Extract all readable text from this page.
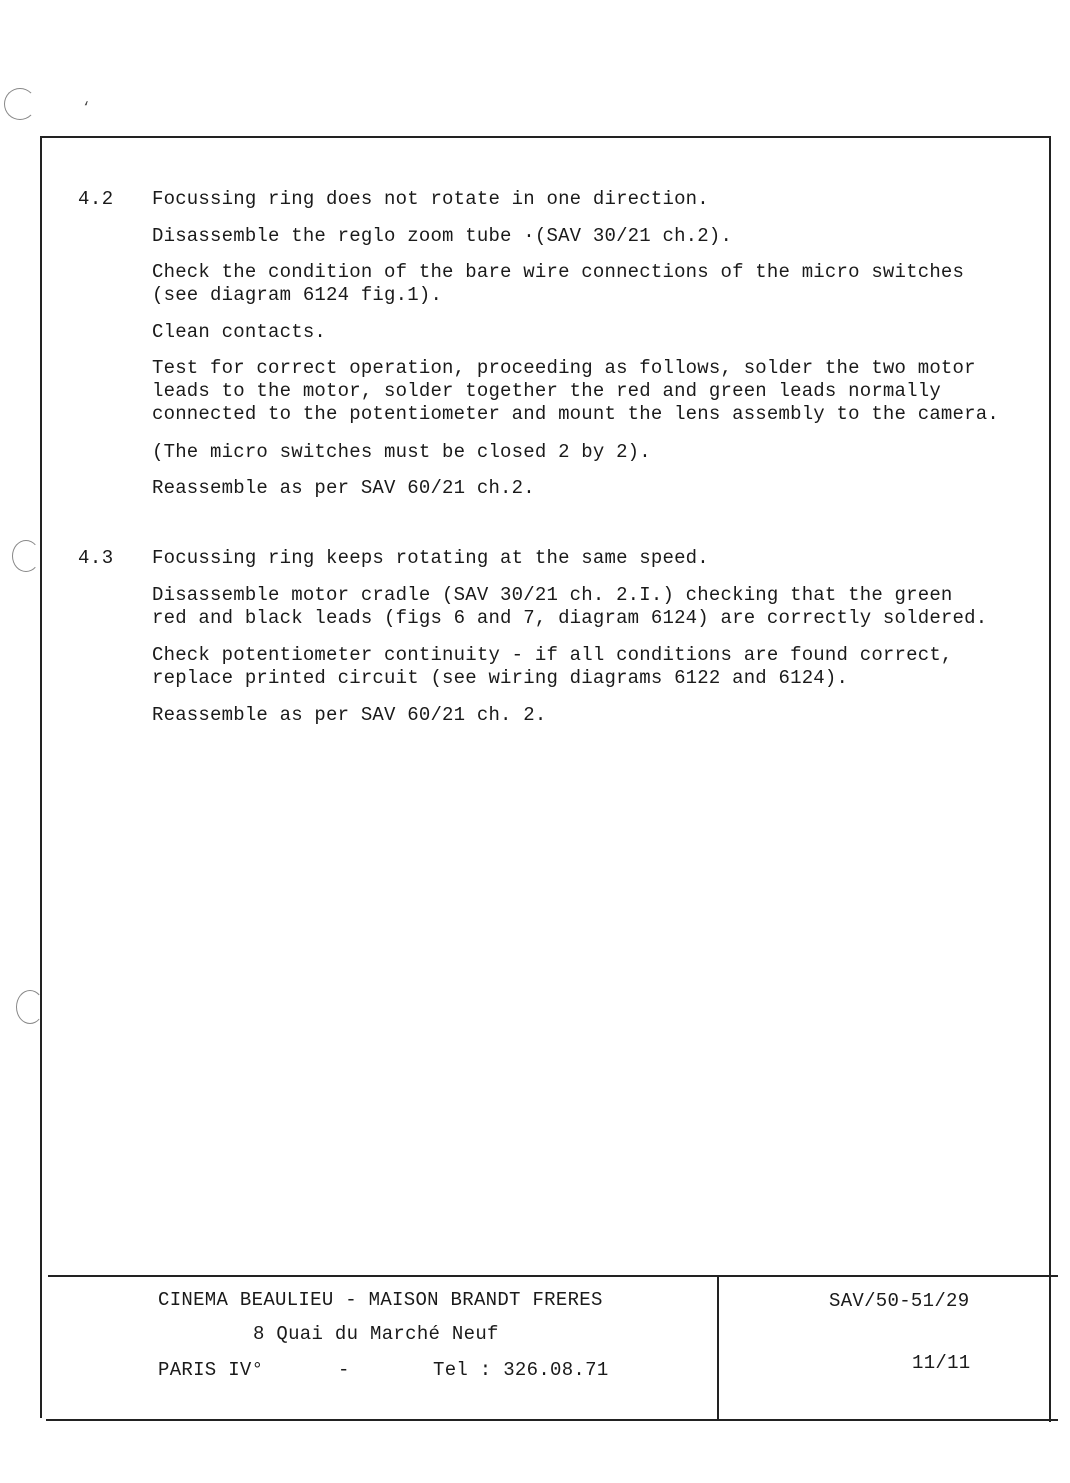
‘
4.2 Focussing ring does not rotate in one direction.
Disassemble the reglo zoom tube ·(SAV 30/21 ch.2).
Check the condition of the bare wire connections of the micro switches
(see diagram 6124 fig.1).
Clean contacts.
Test for correct operation, proceeding as follows, solder the two motor
leads to the motor, solder together the red and green leads normally
connected to the potentiometer and mount the lens assembly to the camera.
(The micro switches must be closed 2 by 2).
Reassemble as per SAV 60/21 ch.2.
4.3 Focussing ring keeps rotating at the same speed.
Disassemble motor cradle (SAV 30/21 ch. 2.I.) checking that the green
red and black leads (figs 6 and 7, diagram 6124) are correctly soldered.
Check potentiometer continuity - if all conditions are found correct,
replace printed circuit (see wiring diagrams 6122 and 6124).
Reassemble as per SAV 60/21 ch. 2.
CINEMA BEAULIEU - MAISON BRANDT FRERES
8 Quai du Marché Neuf
PARIS IV°	-	Tel : 326.08.71
SAV/50-51/29
11/11
